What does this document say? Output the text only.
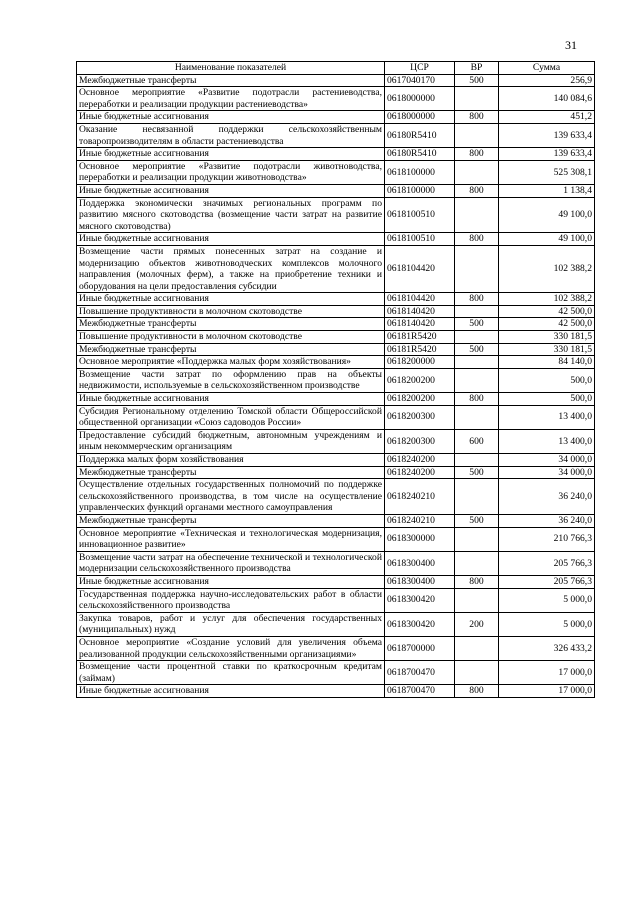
31
Наименование показателей	ЦСР	ВР	Сумма
Межбюджетные трансферты	0617040170	500	256,9
Основное мероприятие «Развитие подотрасли растениеводства, переработки и реализации продукции растениеводства»	0618000000		140 084,6
Иные бюджетные ассигнования	0618000000	800	451,2
Оказание несвязанной поддержки сельскохозяйственным товаропроизводителям в области растениеводства	06180R5410		139 633,4
Иные бюджетные ассигнования	06180R5410	800	139 633,4
Основное мероприятие «Развитие подотрасли животноводства, переработки и реализации продукции животноводства»	0618100000		525 308,1
Иные бюджетные ассигнования	0618100000	800	1 138,4
Поддержка экономически значимых региональных программ по развитию мясного скотоводства (возмещение части затрат на развитие мясного скотоводства)	0618100510		49 100,0
Иные бюджетные ассигнования	0618100510	800	49 100,0
Возмещение части прямых понесенных затрат на создание и модернизацию объектов животноводческих комплексов молочного направления (молочных ферм), а также на приобретение техники и оборудования на цели предоставления субсидии	0618104420		102 388,2
Иные бюджетные ассигнования	0618104420	800	102 388,2
Повышение продуктивности в молочном скотоводстве	0618140420		42 500,0
Межбюджетные трансферты	0618140420	500	42 500,0
Повышение продуктивности в молочном скотоводстве	06181R5420		330 181,5
Межбюджетные трансферты	06181R5420	500	330 181,5
Основное мероприятие «Поддержка малых форм хозяйствования»	0618200000		84 140,0
Возмещение части затрат по оформлению прав на объекты недвижимости, используемые в сельскохозяйственном производстве	0618200200		500,0
Иные бюджетные ассигнования	0618200200	800	500,0
Субсидия Региональному отделению Томской области Общероссийской общественной организации «Союз садоводов России»	0618200300		13 400,0
Предоставление субсидий бюджетным, автономным учреждениям и иным некоммерческим организациям	0618200300	600	13 400,0
Поддержка малых форм хозяйствования	0618240200		34 000,0
Межбюджетные трансферты	0618240200	500	34 000,0
Осуществление отдельных государственных полномочий по поддержке сельскохозяйственного производства, в том числе на осуществление управленческих функций органами местного самоуправления	0618240210		36 240,0
Межбюджетные трансферты	0618240210	500	36 240,0
Основное мероприятие «Техническая и технологическая модернизация, инновационное развитие»	0618300000		210 766,3
Возмещение части затрат на обеспечение технической и технологической модернизации сельскохозяйственного производства	0618300400		205 766,3
Иные бюджетные ассигнования	0618300400	800	205 766,3
Государственная поддержка научно-исследовательских работ в области сельскохозяйственного производства	0618300420		5 000,0
Закупка товаров, работ и услуг для обеспечения государственных (муниципальных) нужд	0618300420	200	5 000,0
Основное мероприятие «Создание условий для увеличения объема реализованной продукции сельскохозяйственными организациями»	0618700000		326 433,2
Возмещение части процентной ставки по краткосрочным кредитам (займам)	0618700470		17 000,0
Иные бюджетные ассигнования	0618700470	800	17 000,0
